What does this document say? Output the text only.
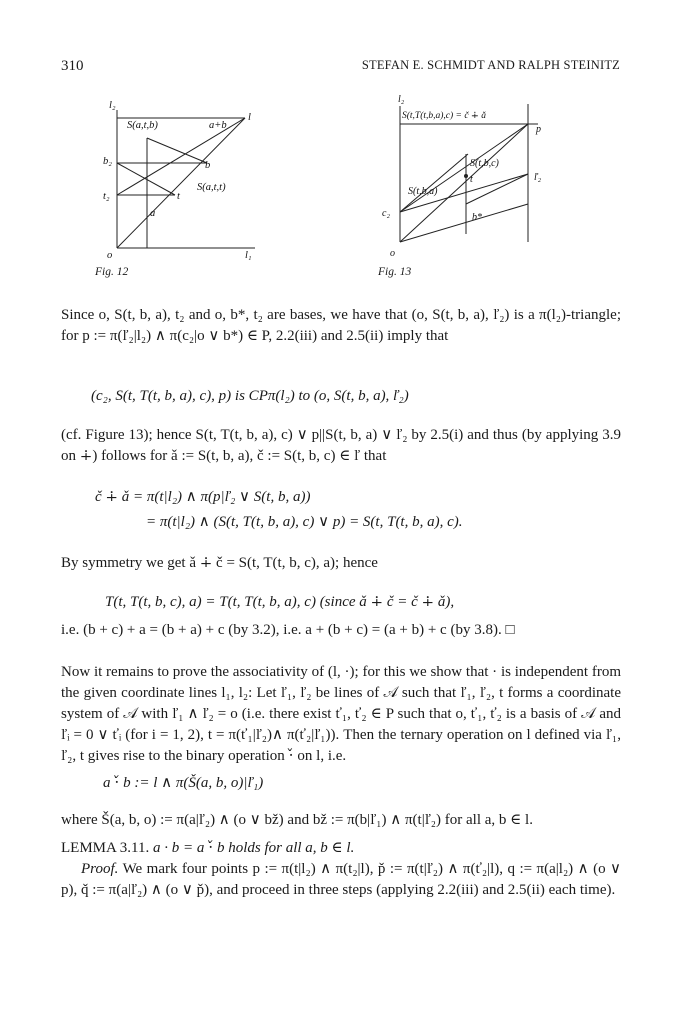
310	STEFAN E. SCHMIDT AND RALPH STEINITZ
l₂
S(a,t,b)	a+b
l
b₂	b
S(a,t,t)
t₂	t
a
o	l₁
Fig. 12
l₂
S(t,T(t,b,a),c) = č ∔ ǎ
p
S(t,b,c)
t
c₂
S(t,b,a)
ľ₂
b*
o
Fig. 13

Since o, S(t, b, a), t₂ and o, b*, t₂ are bases, we have that (o, S(t, b, a), ľ₂) is a π(l₂)-triangle; for p := π(ľ₂|l₂) ∧ π(c₂|o ∨ b*) ∈ P, 2.2(iii) and 2.5(ii) imply that

(c₂, S(t, T(t, b, a), c), p) is CPπ(l₂) to (o, S(t, b, a), ľ₂)

(cf. Figure 13); hence S(t, T(t, b, a), c) ∨ p||S(t, b, a) ∨ ľ₂ by 2.5(i) and thus (by applying 3.9 on ∔) follows for ǎ := S(t, b, a), č := S(t, b, c) ∈ ľ that

č ∔ ǎ = π(t|l₂) ∧ π(p|ľ₂ ∨ S(t, b, a))
= π(t|l₂) ∧ (S(t, T(t, b, a), c) ∨ p) = S(t, T(t, b, a), c).

By symmetry we get ǎ ∔ č = S(t, T(t, b, c), a); hence

T(t, T(t, b, c), a) = T(t, T(t, b, a), c) (since ǎ ∔ č = č ∔ ǎ),

i.e. (b + c) + a = (b + a) + c (by 3.2), i.e. a + (b + c) = (a + b) + c (by 3.8). □

Now it remains to prove the associativity of (l, ·); for this we show that · is independent from the given coordinate lines l₁, l₂: Let ľ₁, ľ₂ be lines of 𝒜 such that ľ₁, ľ₂, t forms a coordinate system of 𝒜 with ľ₁ ∧ ľ₂ = o (i.e. there exist ť₁, ť₂ ∈ P such that o, ť₁, ť₂ is a basis of 𝒜 and ľᵢ = 0 ∨ ťᵢ (for i = 1, 2), t = π(ť₁|ľ₂)∧ π(ť₂|ľ₁)). Then the ternary operation on l defined via ľ₁, ľ₂, t gives rise to the binary operation ⋅̌ on l, i.e.

a ⋅̌ b := l ∧ π(Š(a, b, o)|ľ₁)

where Š(a, b, o) := π(a|ľ₂) ∧ (o ∨ bž) and bž := π(b|ľ₁) ∧ π(t|ľ₂) for all a, b ∈ l.

LEMMA 3.11. a · b = a ⋅̌ b holds for all a, b ∈ l.

Proof. We mark four points p := π(t|l₂) ∧ π(t₂|l), p̌ := π(t|ľ₂) ∧ π(ť₂|l), q := π(a|l₂) ∧ (o ∨ p), q̌ := π(a|ľ₂) ∧ (o ∨ p̌), and proceed in three steps (applying 2.2(iii) and 2.5(ii) each time).
